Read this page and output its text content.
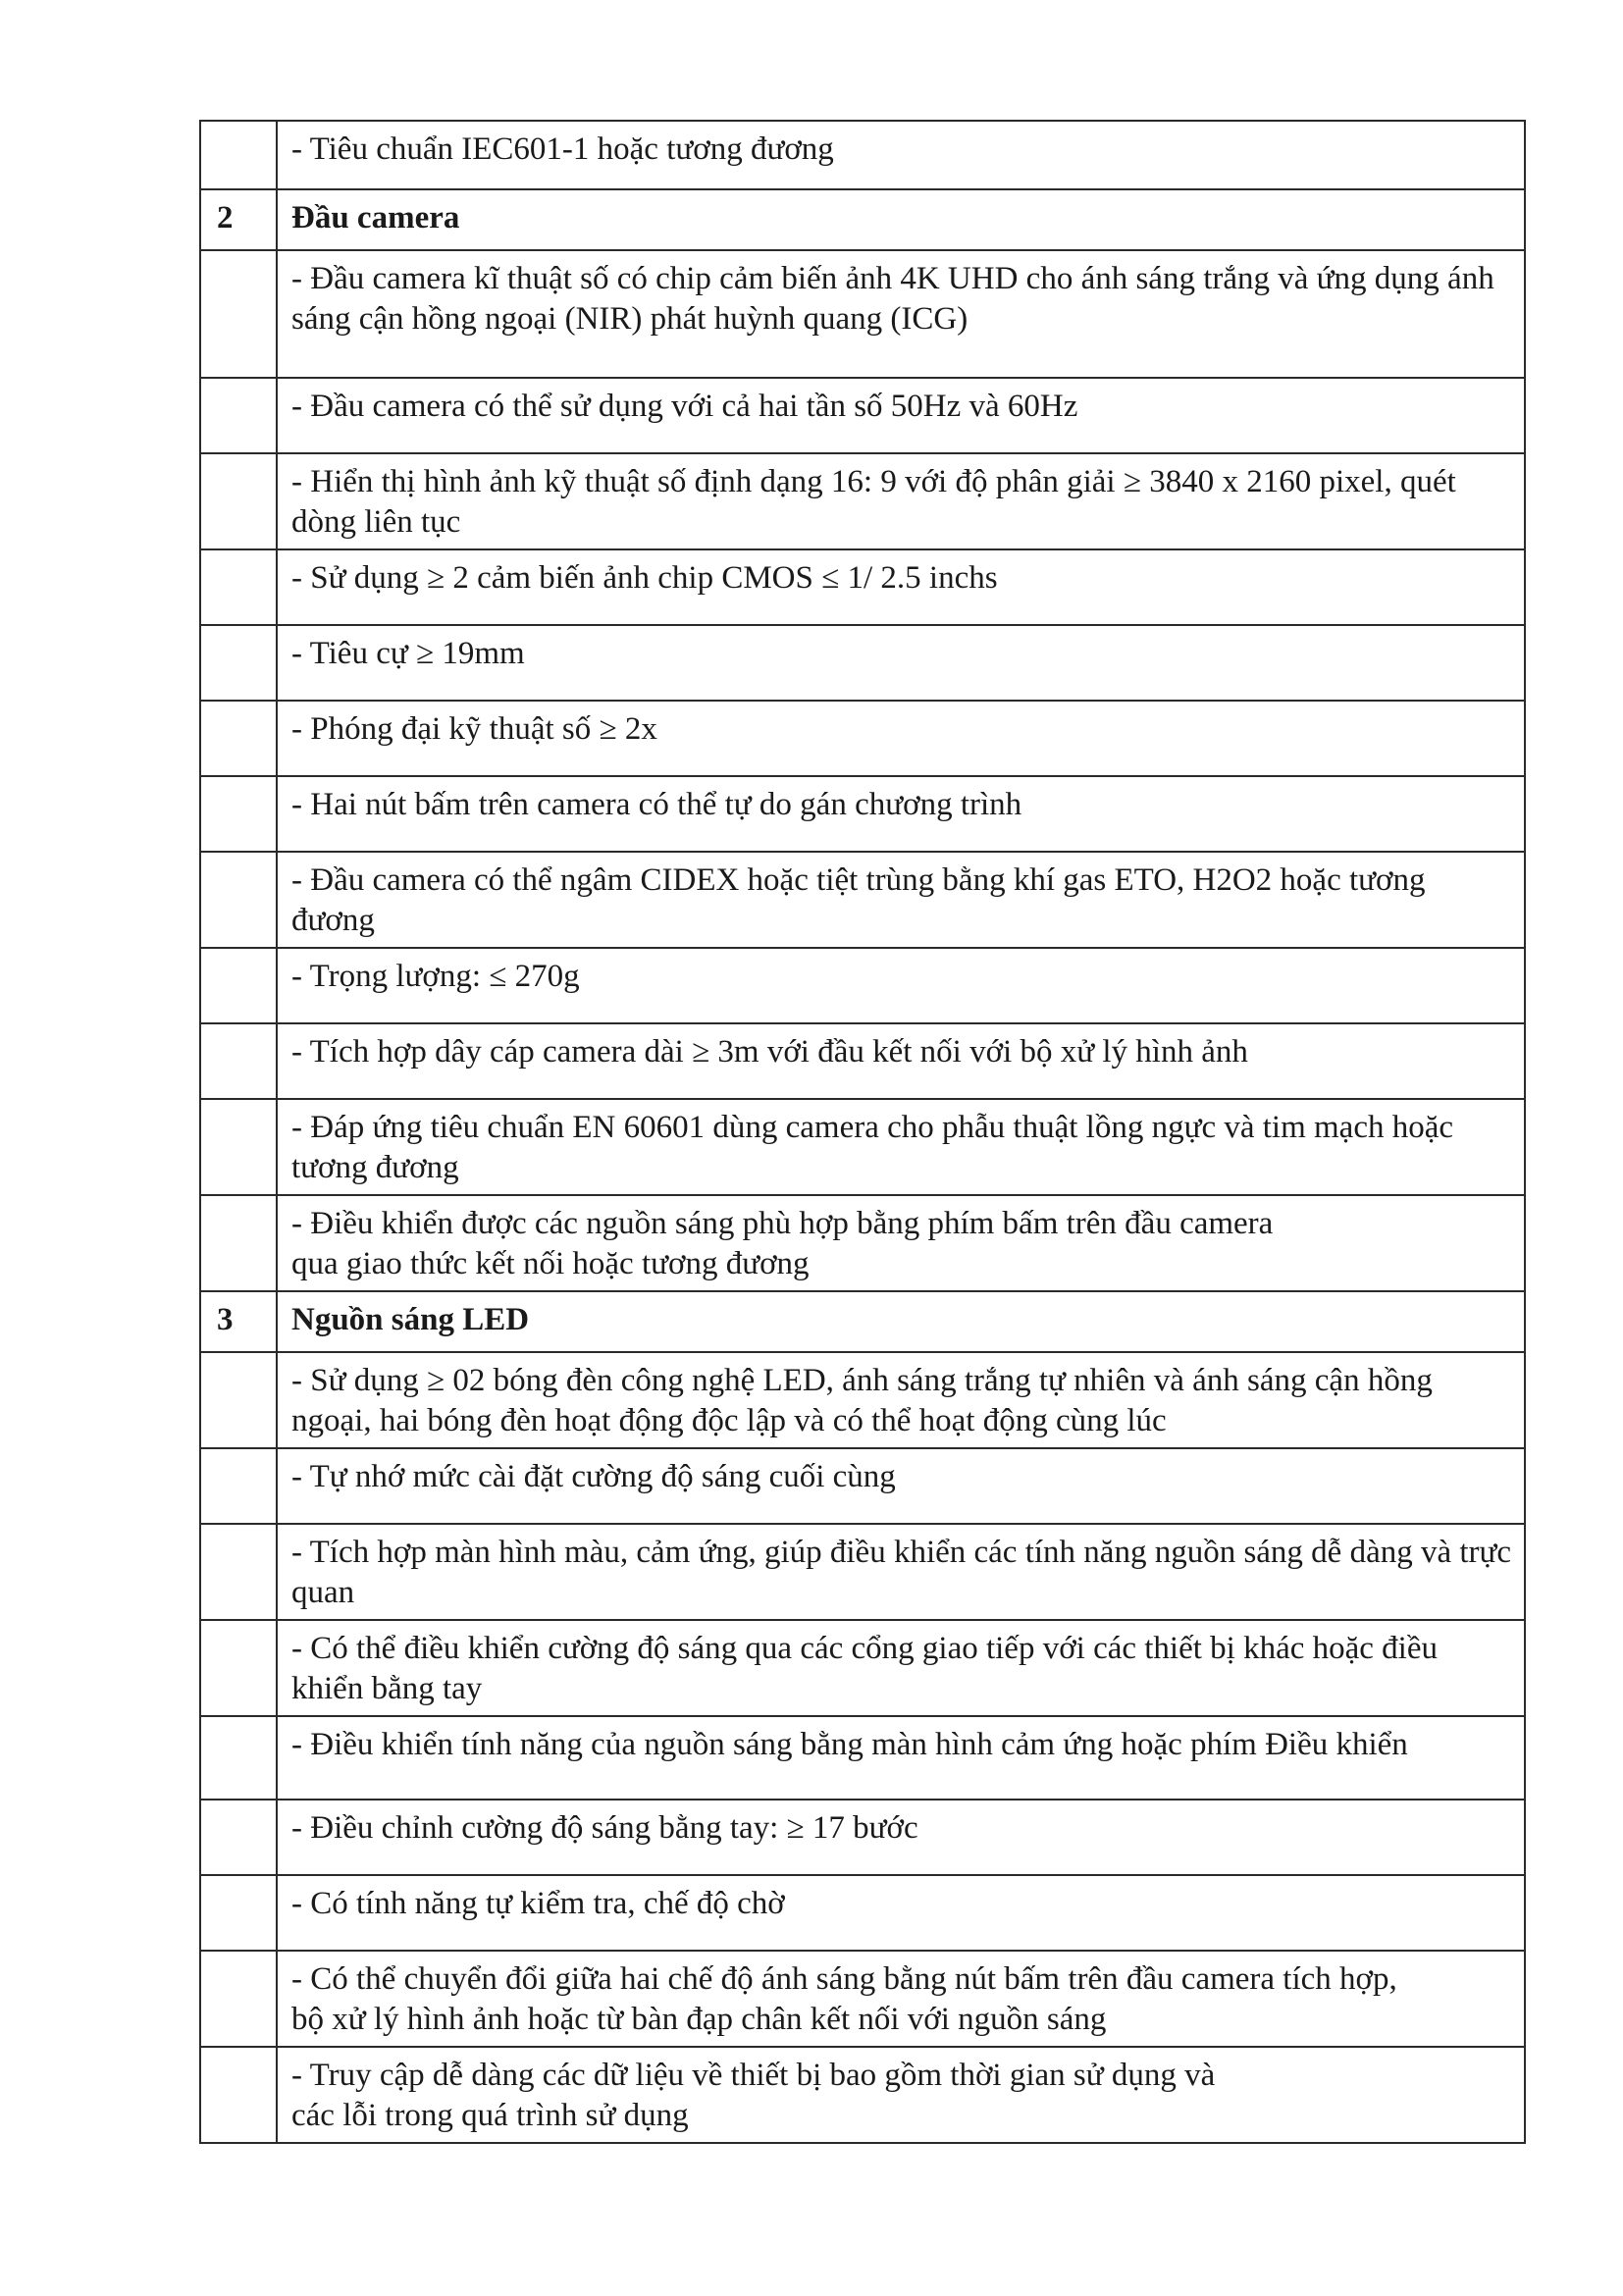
	- Tiêu chuẩn IEC601-1 hoặc tương đương
2	Đầu camera
	- Đầu camera kĩ thuật số có chip cảm biến ảnh 4K UHD cho ánh sáng trắng và ứng dụng ánh
sáng cận hồng ngoại (NIR) phát huỳnh quang (ICG)
	- Đầu camera có thể sử dụng với cả hai tần số 50Hz và 60Hz
	- Hiển thị hình ảnh kỹ thuật số định dạng 16: 9 với độ phân giải ≥ 3840 x 2160 pixel, quét dòng liên tục
	- Sử dụng ≥ 2 cảm biến ảnh chip CMOS ≤ 1/ 2.5 inchs
	- Tiêu cự ≥ 19mm
	- Phóng đại kỹ thuật số ≥ 2x
	- Hai nút bấm trên camera có thể tự do gán chương trình
	- Đầu camera có thể ngâm CIDEX hoặc tiệt trùng bằng khí gas ETO, H2O2 hoặc tương đương
	- Trọng lượng: ≤ 270g
	- Tích hợp dây cáp camera dài ≥ 3m với đầu kết nối với bộ xử lý hình ảnh
	- Đáp ứng tiêu chuẩn EN 60601 dùng camera cho phẫu thuật lồng ngực và tim mạch hoặc tương đương
	- Điều khiển được các nguồn sáng phù hợp bằng phím bấm trên đầu camera
qua giao thức kết nối hoặc tương đương
3	Nguồn sáng LED
	- Sử dụng ≥ 02 bóng đèn công nghệ LED, ánh sáng trắng tự nhiên và ánh sáng cận hồng ngoại, hai bóng đèn hoạt động độc lập và có thể hoạt động cùng lúc
	- Tự nhớ mức cài đặt cường độ sáng cuối cùng
	- Tích hợp màn hình màu, cảm ứng, giúp điều khiển các tính năng nguồn sáng dễ dàng và trực quan
	- Có thể điều khiển cường độ sáng qua các cổng giao tiếp với các thiết bị khác hoặc điều khiển bằng tay
	- Điều khiển tính năng của nguồn sáng bằng màn hình cảm ứng hoặc phím Điều khiển
	- Điều chỉnh cường độ sáng bằng tay: ≥ 17 bước
	- Có tính năng tự kiểm tra, chế độ chờ
	- Có thể chuyển đổi giữa hai chế độ ánh sáng bằng nút bấm trên đầu camera tích hợp,
bộ xử lý hình ảnh hoặc từ bàn đạp chân kết nối với nguồn sáng
	- Truy cập dễ dàng các dữ liệu về thiết bị bao gồm thời gian sử dụng và
các lỗi trong quá trình sử dụng
